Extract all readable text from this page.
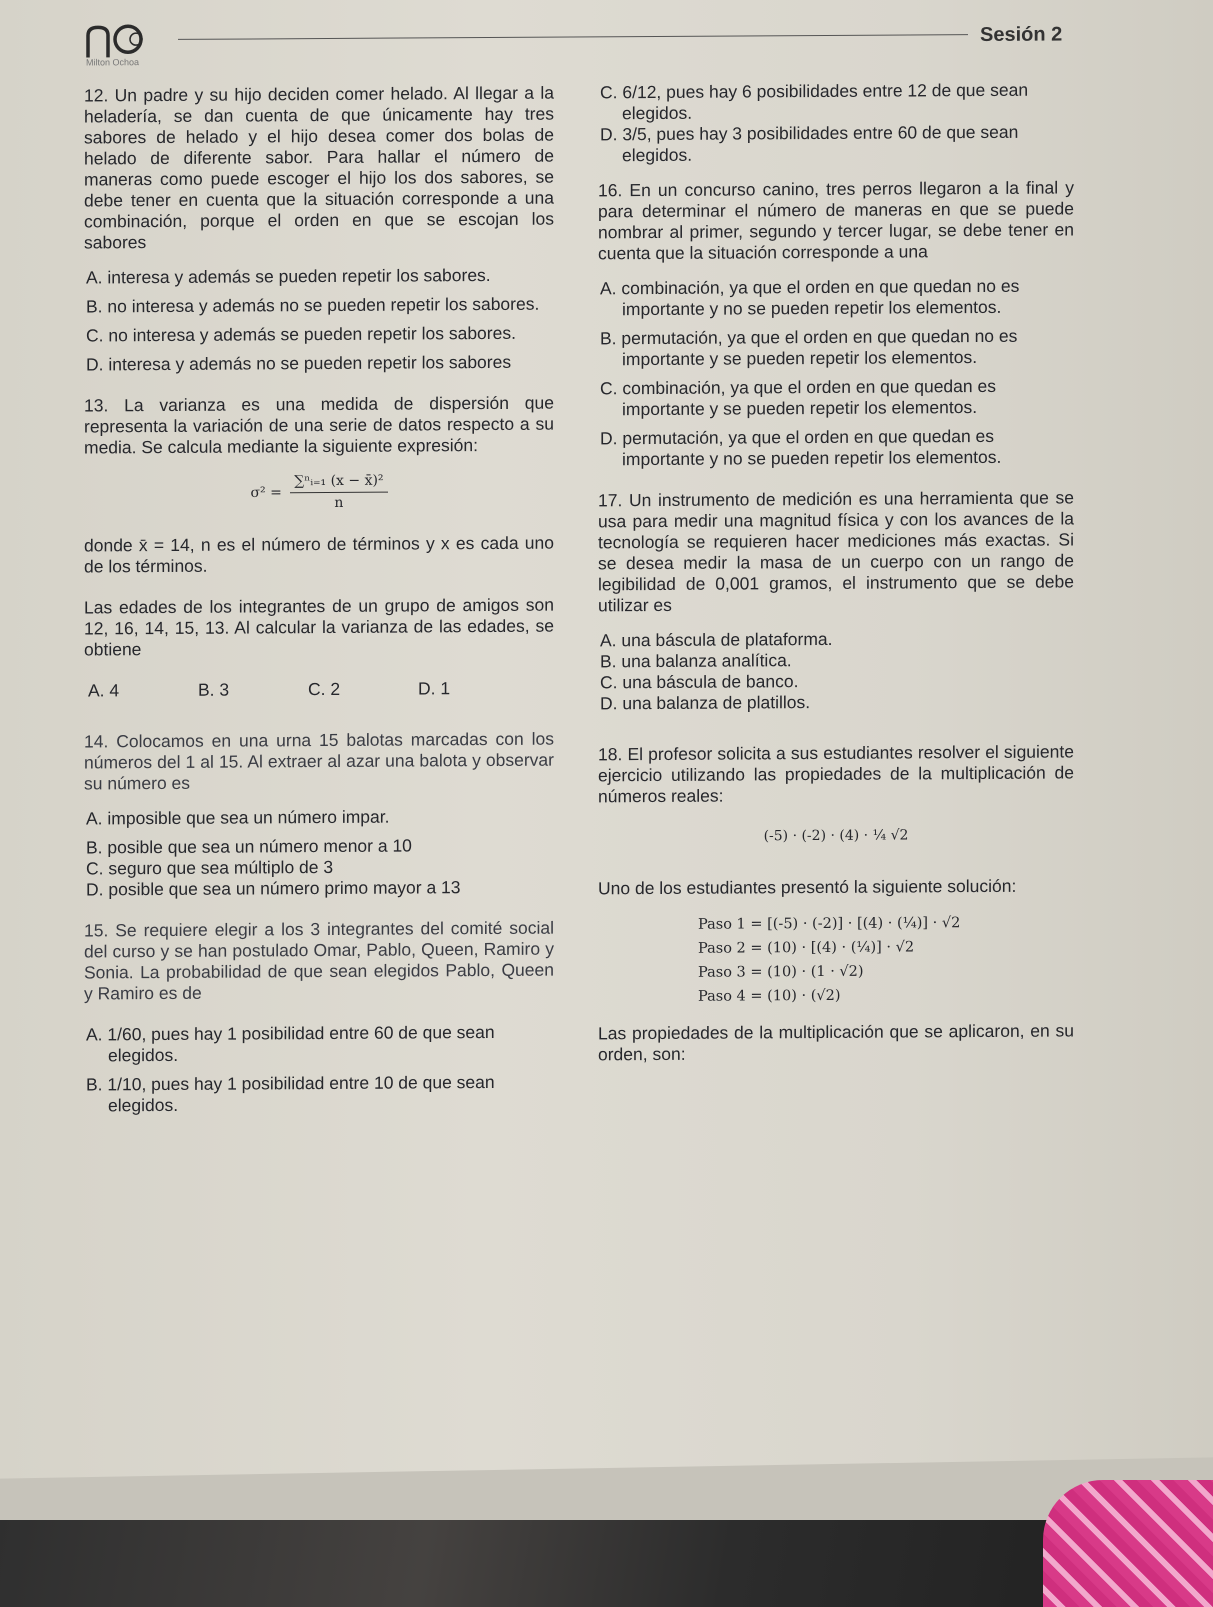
Milton Ochoa
Sesión 2

12. Un padre y su hijo deciden comer helado. Al llegar a la heladería, se dan cuenta de que únicamente hay tres sabores de helado y el hijo desea comer dos bolas de helado de diferente sabor. Para hallar el número de maneras como puede escoger el hijo los dos sabores, se debe tener en cuenta que la situación corresponde a una combinación, porque el orden en que se escojan los sabores

A. interesa y además se pueden repetir los sabores.

B. no interesa y además no se pueden repetir los sabores.

C. no interesa y además se pueden repetir los sabores.

D. interesa y además no se pueden repetir los sabores

13. La varianza es una medida de dispersión que representa la variación de una serie de datos respecto a su media. Se calcula mediante la siguiente expresión:

$\sigma^2 = \frac{\text{∑ⁿᵢ₌₁ (x − x̄)²}}{n}$

donde x̄ = 14, n es el número de términos y x es cada uno de los términos.

Las edades de los integrantes de un grupo de amigos son 12, 16, 14, 15, 13. Al calcular la varianza de las edades, se obtiene

A. 4	B. 3	C. 2	D. 1

14. Colocamos en una urna 15 balotas marcadas con los números del 1 al 15. Al extraer al azar una balota y observar su número es

A. imposible que sea un número impar.

B. posible que sea un número menor a 10

C. seguro que sea múltiplo de 3

D. posible que sea un número primo mayor a 13

15. Se requiere elegir a los 3 integrantes del comité social del curso y se han postulado Omar, Pablo, Queen, Ramiro y Sonia. La probabilidad de que sean elegidos Pablo, Queen y Ramiro es de

A. 1/60, pues hay 1 posibilidad entre 60 de que sean elegidos.

B. 1/10, pues hay 1 posibilidad entre 10 de que sean elegidos.

C. 6/12, pues hay 6 posibilidades entre 12 de que sean elegidos.

D. 3/5, pues hay 3 posibilidades entre 60 de que sean elegidos.

16. En un concurso canino, tres perros llegaron a la final y para determinar el número de maneras en que se puede nombrar al primer, segundo y tercer lugar, se debe tener en cuenta que la situación corresponde a una

A. combinación, ya que el orden en que quedan no es importante y no se pueden repetir los elementos.

B. permutación, ya que el orden en que quedan no es importante y se pueden repetir los elementos.

C. combinación, ya que el orden en que quedan es importante y se pueden repetir los elementos.

D. permutación, ya que el orden en que quedan es importante y no se pueden repetir los elementos.

17. Un instrumento de medición es una herramienta que se usa para medir una magnitud física y con los avances de la tecnología se requieren hacer mediciones más exactas. Si se desea medir la masa de un cuerpo con un rango de legibilidad de 0,001 gramos, el instrumento que se debe utilizar es

A. una báscula de plataforma.

B. una balanza analítica.

C. una báscula de banco.

D. una balanza de platillos.

18. El profesor solicita a sus estudiantes resolver el siguiente ejercicio utilizando las propiedades de la multiplicación de números reales:

(-5) · (-2) · (4) · ¼ √2

Uno de los estudiantes presentó la siguiente solución:

Paso 1 = [(-5) · (-2)] · [(4) · (¼)] · √2
Paso 2 = (10) · [(4) · (¼)] · √2
Paso 3 = (10) · (1 · √2)
Paso 4 = (10) · (√2)

Las propiedades de la multiplicación que se aplicaron, en su orden, son:
